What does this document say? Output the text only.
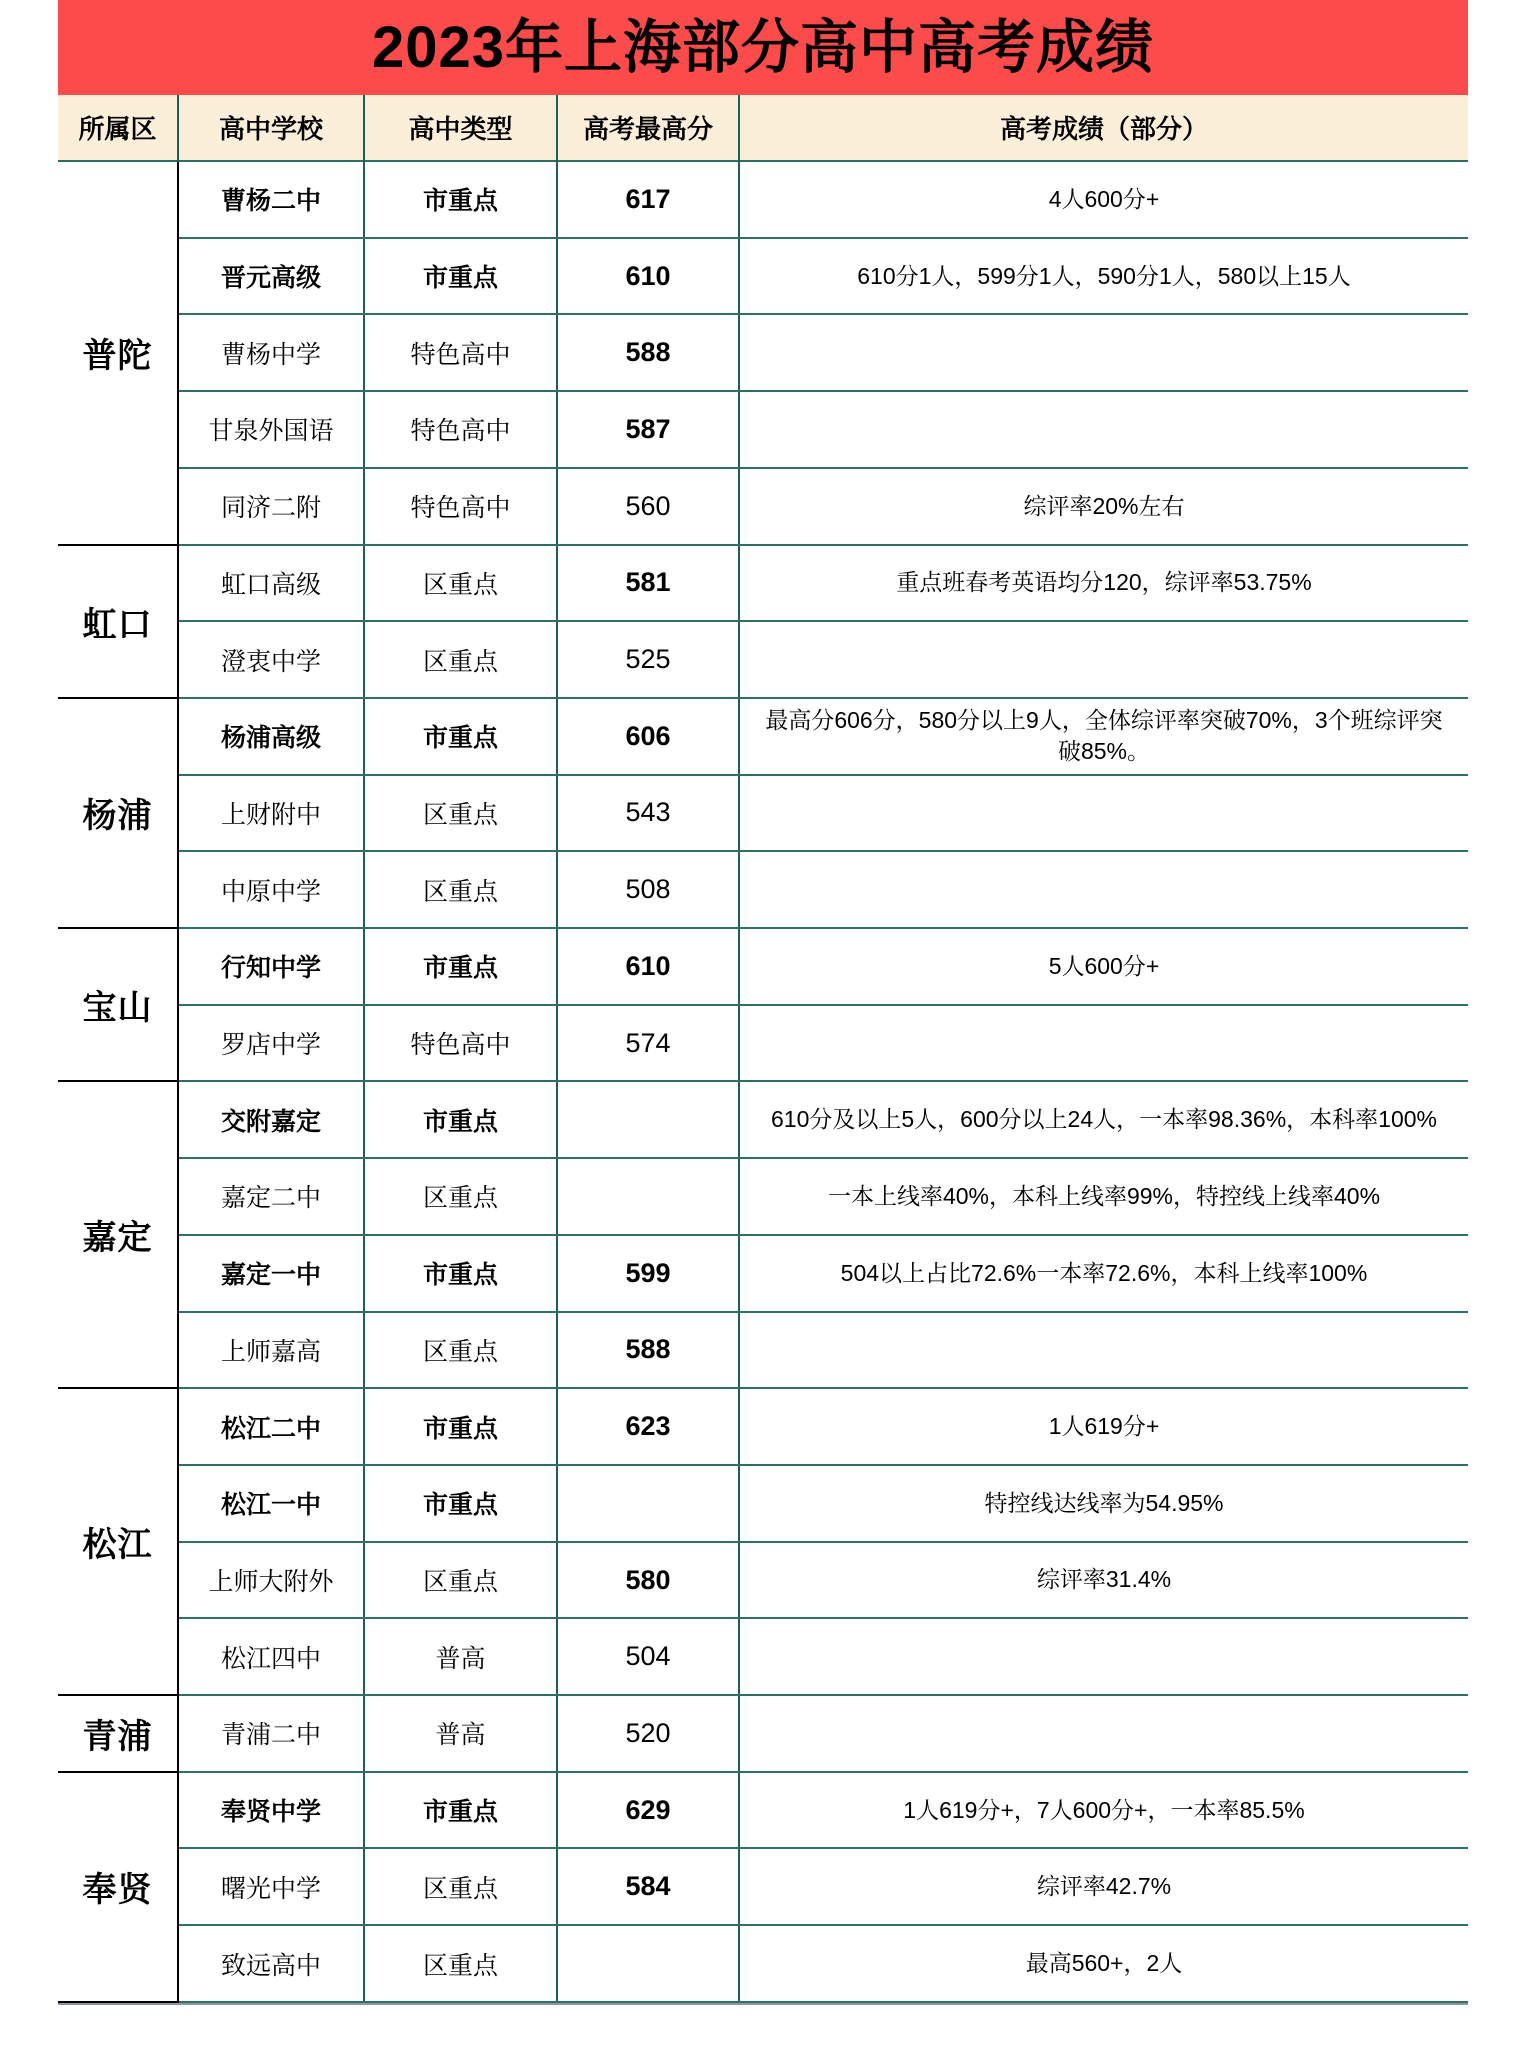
2023年上海部分高中高考成绩
所属区	高中学校	高中类型	高考最高分	高考成绩（部分）
普陀	曹杨二中	市重点	617	4人600分+
	晋元高级	市重点	610	610分1人，599分1人，590分1人，580以上15人
	曹杨中学	特色高中	588	
	甘泉外国语	特色高中	587	
	同济二附	特色高中	560	综评率20%左右
虹口	虹口高级	区重点	581	重点班春考英语均分120，综评率53.75%
	澄衷中学	区重点	525	
杨浦	杨浦高级	市重点	606	最高分606分，580分以上9人，全体综评率突破70%，3个班综评突破85%。
	上财附中	区重点	543	
	中原中学	区重点	508	
宝山	行知中学	市重点	610	5人600分+
	罗店中学	特色高中	574	
嘉定	交附嘉定	市重点		610分及以上5人，600分以上24人，一本率98.36%，本科率100%
	嘉定二中	区重点		一本上线率40%，本科上线率99%，特控线上线率40%
	嘉定一中	市重点	599	504以上占比72.6%一本率72.6%，本科上线率100%
	上师嘉高	区重点	588	
松江	松江二中	市重点	623	1人619分+
	松江一中	市重点		特控线达线率为54.95%
	上师大附外	区重点	580	综评率31.4%
	松江四中	普高	504	
青浦	青浦二中	普高	520	
奉贤	奉贤中学	市重点	629	1人619分+，7人600分+，一本率85.5%
	曙光中学	区重点	584	综评率42.7%
	致远高中	区重点		最高560+，2人
